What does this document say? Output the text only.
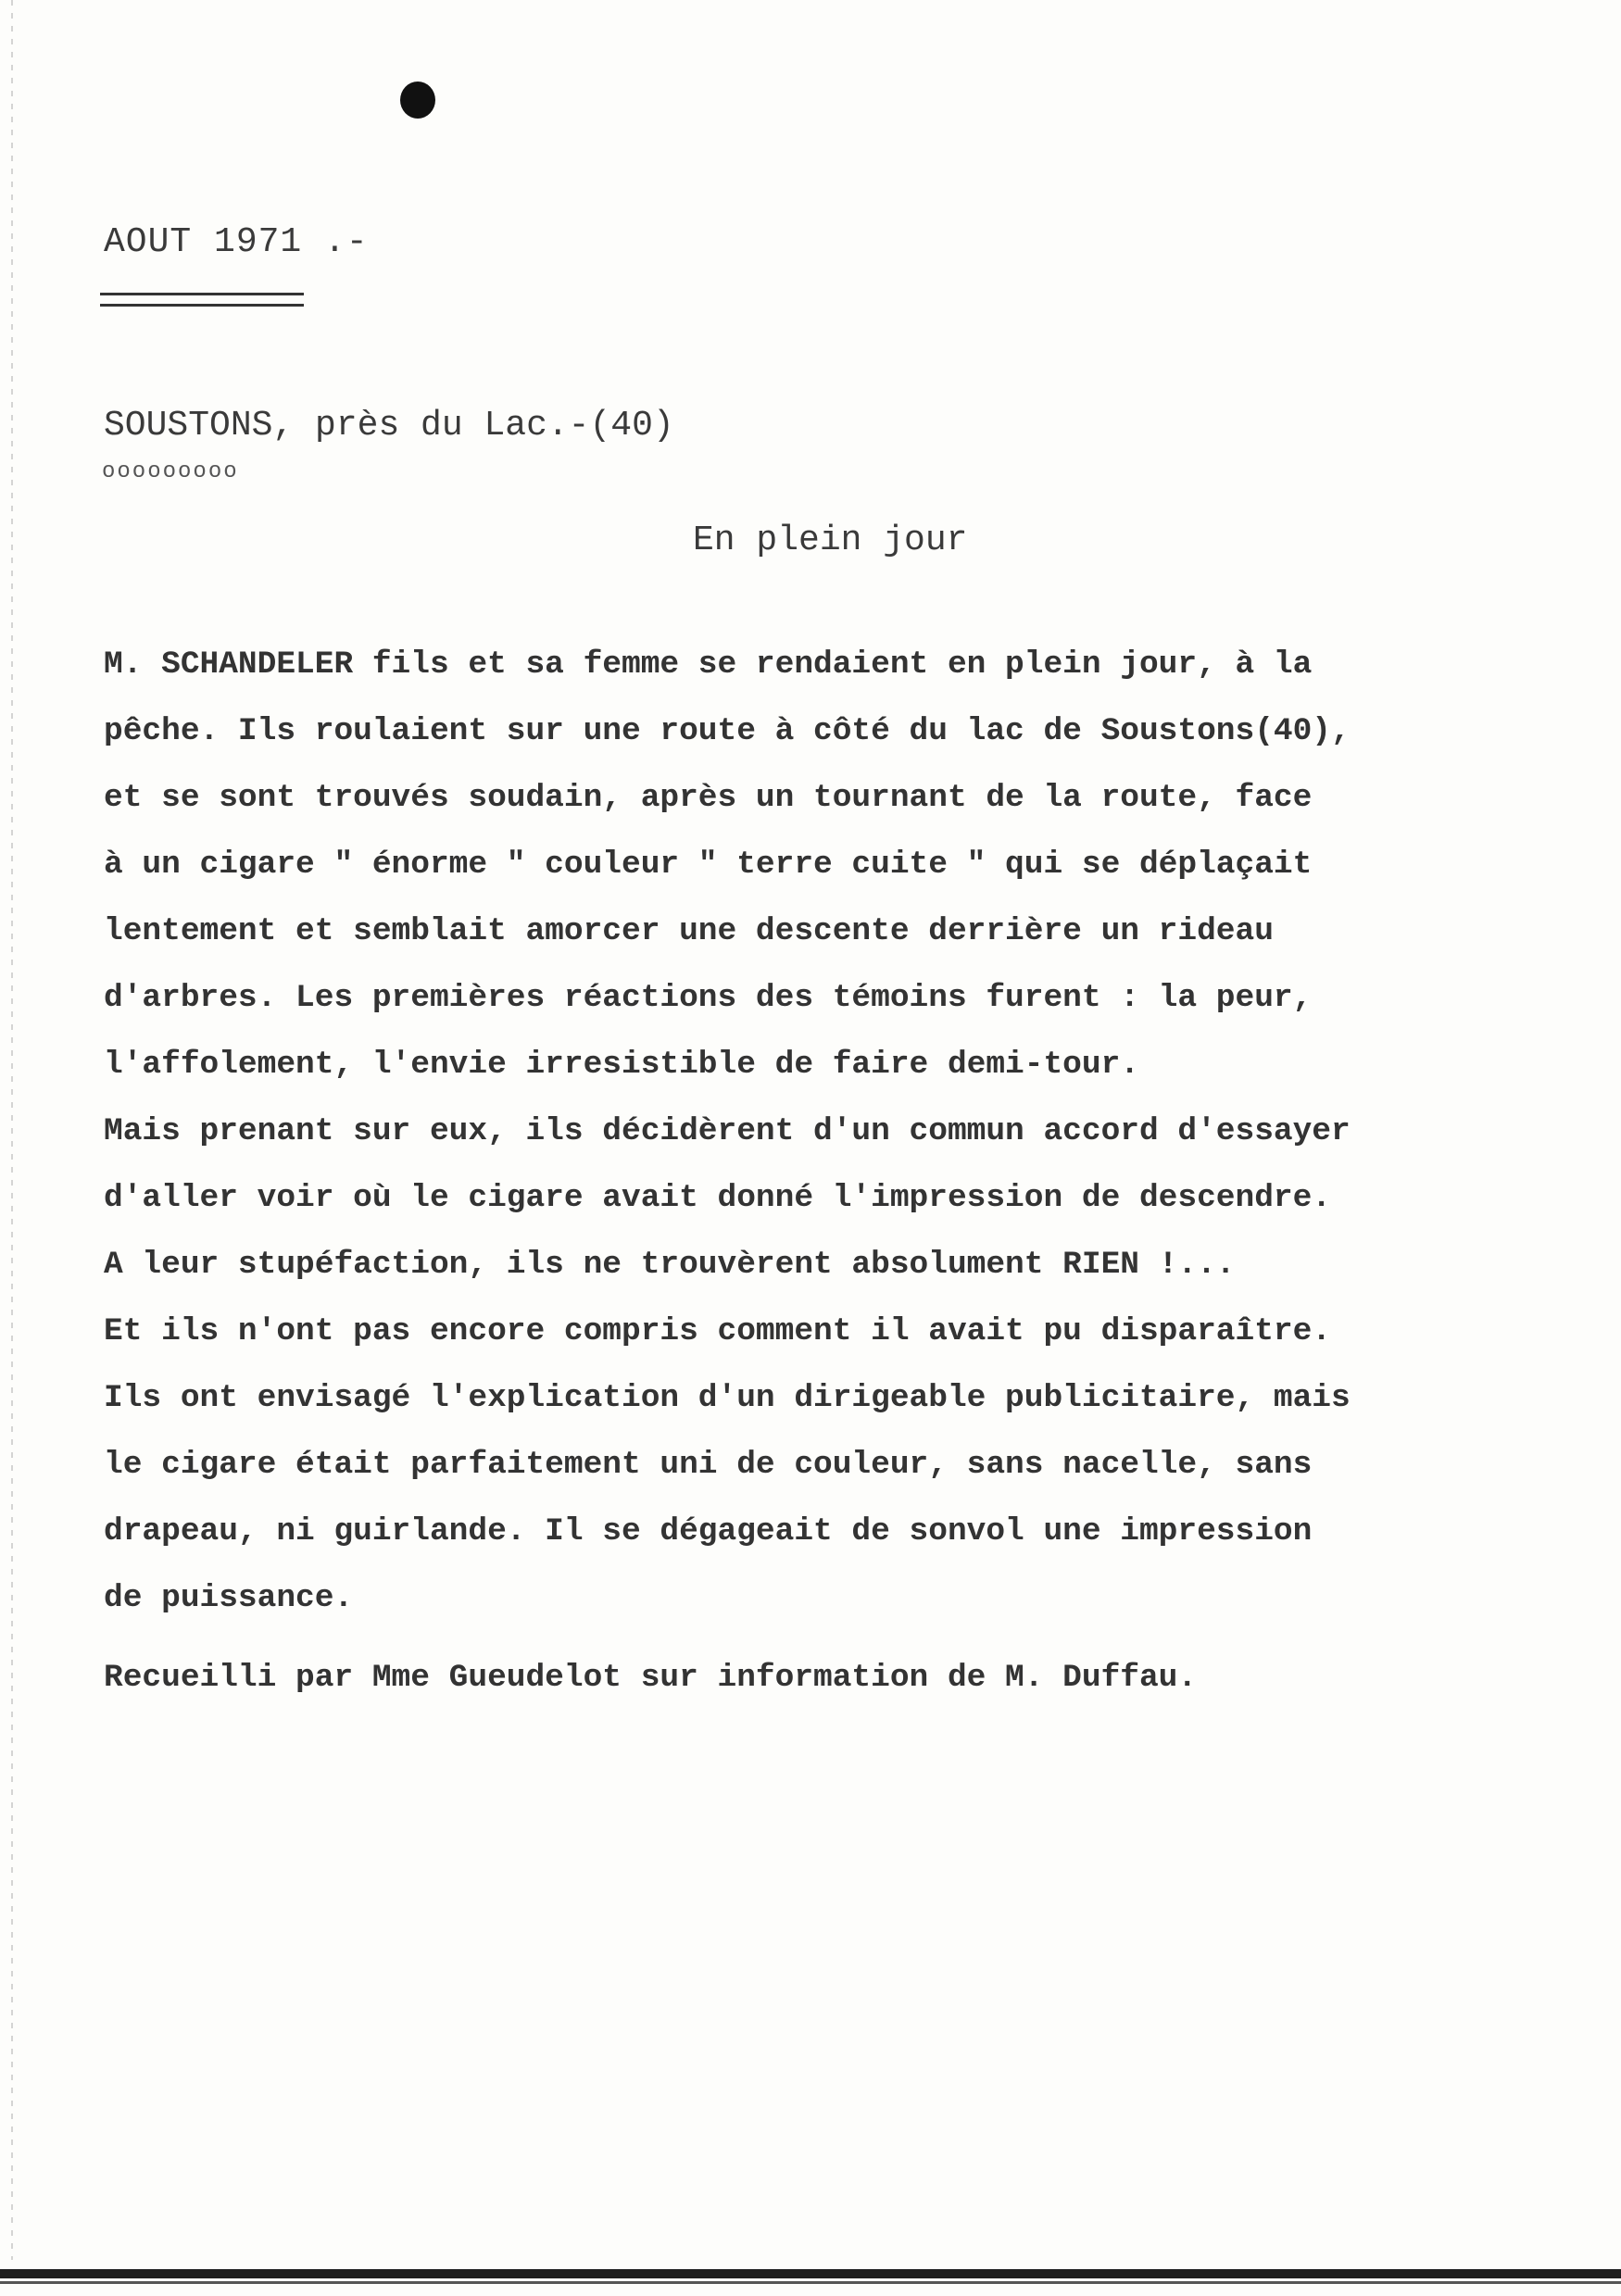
AOUT 1971 .-
SOUSTONS, près du Lac.-(40)
ooooooooo
En plein jour
M. SCHANDELER fils et sa femme se rendaient en plein jour, à la
pêche. Ils roulaient sur une route à côté du lac de Soustons(40),
et se sont trouvés soudain, après un tournant de la route, face
à un cigare " énorme " couleur " terre cuite " qui se déplaçait
lentement et semblait amorcer une descente derrière un rideau
d'arbres. Les premières réactions des témoins furent : la peur,
l'affolement, l'envie irresistible de faire demi-tour.
Mais prenant sur eux, ils décidèrent d'un commun accord d'essayer
d'aller voir où le cigare avait donné l'impression de descendre.
A leur stupéfaction, ils ne trouvèrent absolument RIEN !...
Et ils n'ont pas encore compris comment il avait pu disparaître.
Ils ont envisagé l'explication d'un dirigeable publicitaire, mais
le cigare était parfaitement uni de couleur, sans nacelle, sans
drapeau, ni guirlande. Il se dégageait de sonvol une impression
de puissance.
Recueilli par Mme Gueudelot sur information de M. Duffau.
